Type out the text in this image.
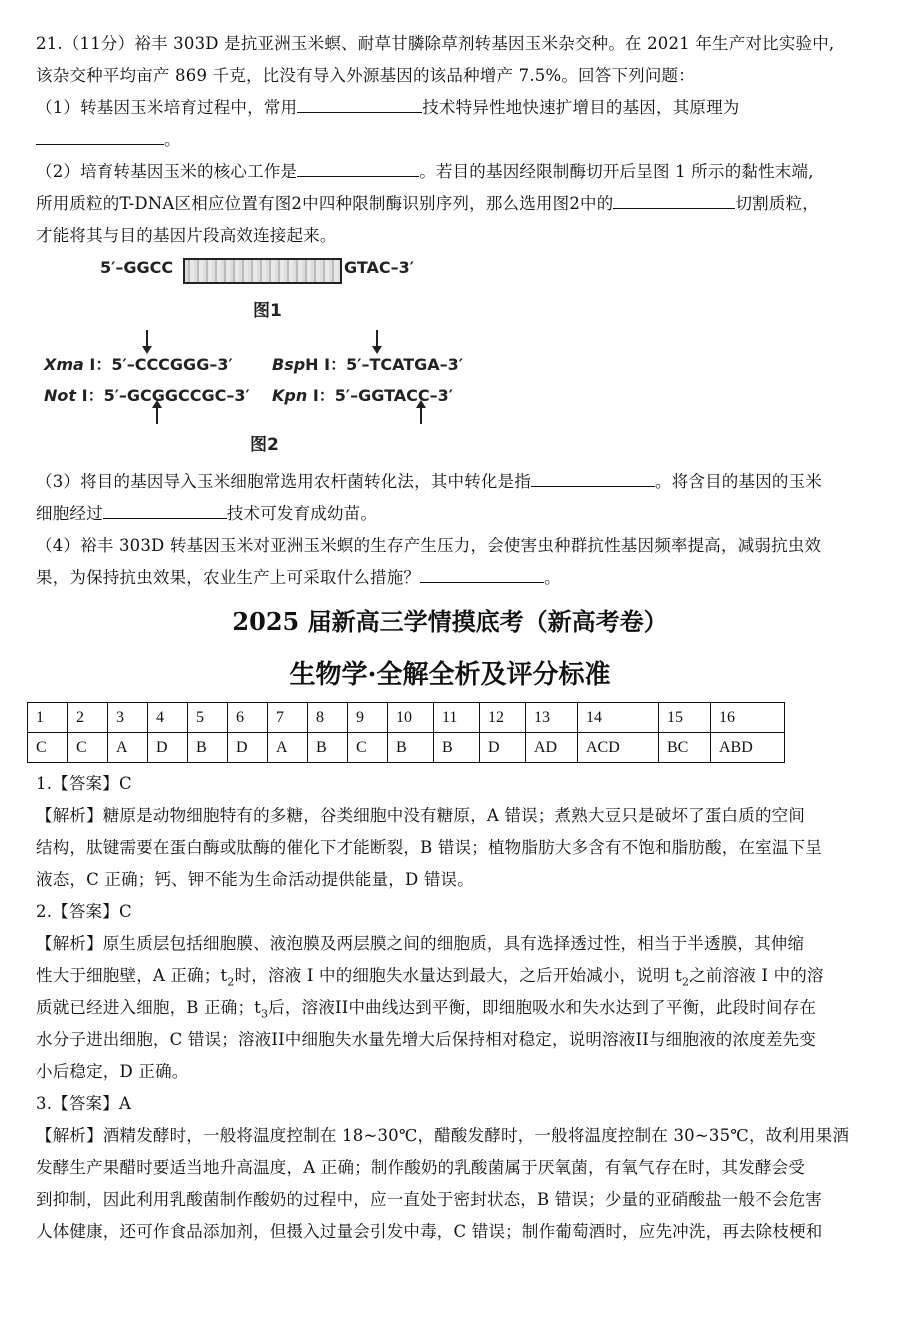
21.（11分）裕丰 303D 是抗亚洲玉米螟、耐草甘膦除草剂转基因玉米杂交种。在 2021 年生产对比实验中,
该杂交种平均亩产 869 千克，比没有导入外源基因的该品种增产 7.5%。回答下列问题：
（1）转基因玉米培育过程中，常用	技术特异性地快速扩增目的基因，其原理为
。
（2）培育转基因玉米的核心工作是	。若目的基因经限制酶切开后呈图 1 所示的黏性末端,
所用质粒的T-DNA区相应位置有图2中四种限制酶识别序列，那么选用图2中的	切割质粒，
才能将其与目的基因片段高效连接起来。
5′–GGCC	GTAC–3′
图1
Xma Ⅰ：5′–CCCGGG–3′ BspH Ⅰ：5′–TCATGA–3′
Not Ⅰ：5′–GCGGCCGC–3′ Kpn Ⅰ：5′–GGTACC–3′
图2
（3）将目的基因导入玉米细胞常选用农杆菌转化法，其中转化是指	。将含目的基因的玉米
细胞经过	技术可发育成幼苗。
（4）裕丰 303D 转基因玉米对亚洲玉米螟的生存产生压力，会使害虫种群抗性基因频率提高，减弱抗虫效
果，为保持抗虫效果，农业生产上可采取什么措施？	。
2025 届新高三学情摸底考（新高考卷）
生物学·全解全析及评分标准
1	2	3	4	5	6	7	8	9	10	11	12	13	14	15	16
C	C	A	D	B	D	A	B	C	B	B	D	AD	ACD	BC	ABD
1.【答案】C
【解析】糖原是动物细胞特有的多糖，谷类细胞中没有糖原，A 错误；煮熟大豆只是破坏了蛋白质的空间
结构，肽键需要在蛋白酶或肽酶的催化下才能断裂，B 错误；植物脂肪大多含有不饱和脂肪酸，在室温下呈
液态，C 正确；钙、钾不能为生命活动提供能量，D 错误。
2.【答案】C
【解析】原生质层包括细胞膜、液泡膜及两层膜之间的细胞质，具有选择透过性，相当于半透膜，其伸缩
性大于细胞壁，A 正确；$t_2$时，溶液 I 中的细胞失水量达到最大，之后开始减小，说明 $t_2$之前溶液 I 中的溶
质就已经进入细胞，B 正确；$t_3$后，溶液II中曲线达到平衡，即细胞吸水和失水达到了平衡，此段时间存在
水分子进出细胞，C 错误；溶液II中细胞失水量先增大后保持相对稳定，说明溶液II与细胞液的浓度差先变
小后稳定，D 正确。
3.【答案】A
【解析】酒精发酵时，一般将温度控制在 18~30℃，醋酸发酵时，一般将温度控制在 30~35℃，故利用果酒
发酵生产果醋时要适当地升高温度，A 正确；制作酸奶的乳酸菌属于厌氧菌，有氧气存在时，其发酵会受
到抑制，因此利用乳酸菌制作酸奶的过程中，应一直处于密封状态，B 错误；少量的亚硝酸盐一般不会危害
人体健康，还可作食品添加剂，但摄入过量会引发中毒，C 错误；制作葡萄酒时，应先冲洗，再去除枝梗和
